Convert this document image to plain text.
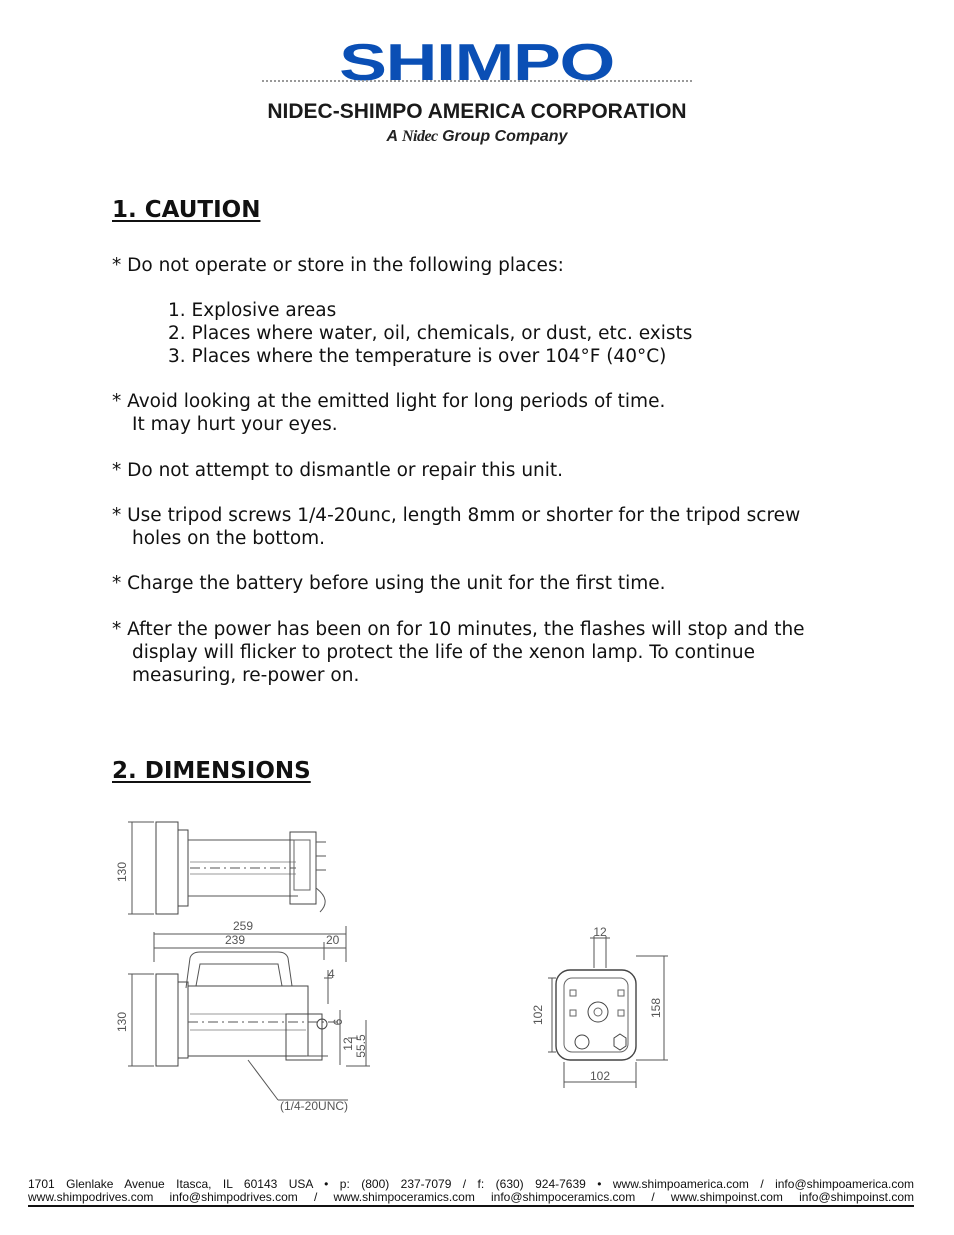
SHIMPO
NIDEC-SHIMPO AMERICA CORPORATION
A Nidec Group Company
1. CAUTION
* Do not operate or store in the following places:
1. Explosive areas
2. Places where water, oil, chemicals, or dust, etc. exists
3. Places where the temperature is over 104°F (40°C)
* Avoid looking at the emitted light for long periods of time.
It may hurt your eyes.
* Do not attempt to dismantle or repair this unit.
* Use tripod screws 1/4-20unc, length 8mm or shorter for the tripod screw
holes on the bottom.
* Charge the battery before using the unit for the first time.
* After the power has been on for 10 minutes, the flashes will stop and the
display will flicker to protect the life of the xenon lamp. To continue
measuring, re-power on.
2. DIMENSIONS
130
259
239	20
4
130	6
12 55.5
(1/4-20UNC)
12
102	158
102
1701 Glenlake Avenue Itasca, IL 60143 USA • p: (800) 237-7079 / f: (630) 924-7639 • www.shimpoamerica.com / info@shimpoamerica.com
www.shimpodrives.com info@shimpodrives.com / www.shimpoceramics.com info@shimpoceramics.com / www.shimpoinst.com info@shimpoinst.com
